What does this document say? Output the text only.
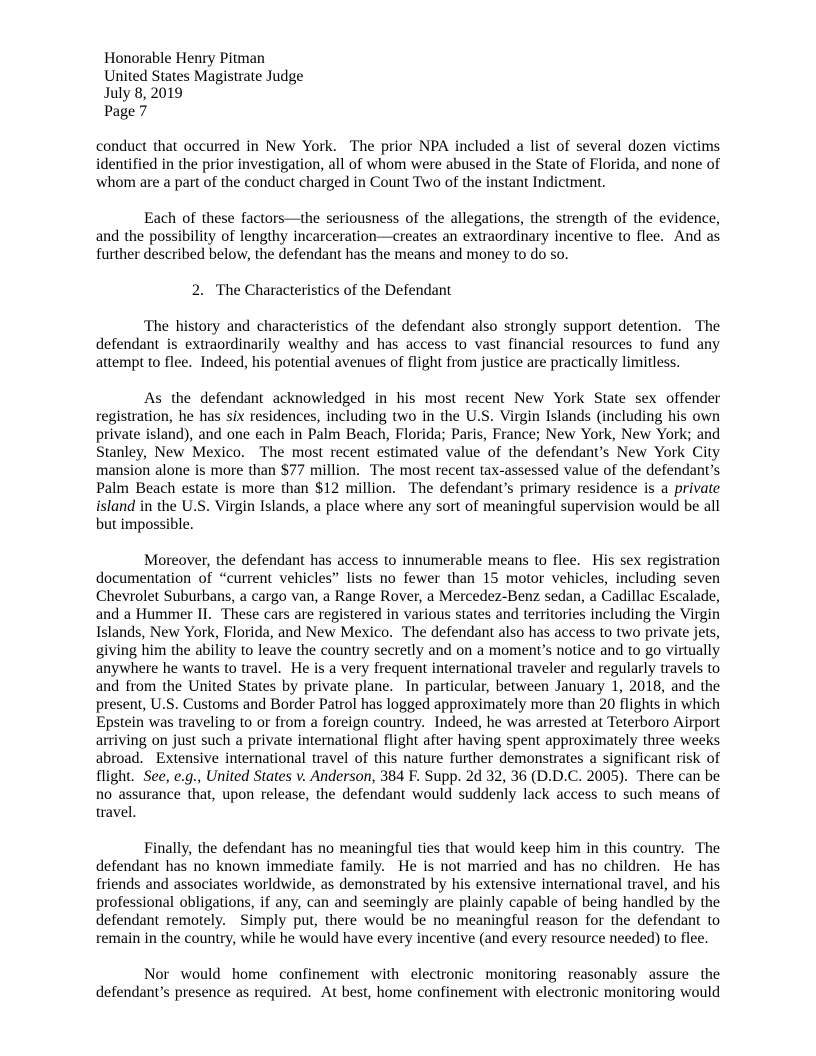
Honorable Henry Pitman
United States Magistrate Judge
July 8, 2019
Page 7

conduct that occurred in New York.  The prior NPA included a list of several dozen victims identified in the prior investigation, all of whom were abused in the State of Florida, and none of whom are a part of the conduct charged in Count Two of the instant Indictment.

Each of these factors—the seriousness of the allegations, the strength of the evidence, and the possibility of lengthy incarceration—creates an extraordinary incentive to flee.  And as further described below, the defendant has the means and money to do so.

2.   The Characteristics of the Defendant

The history and characteristics of the defendant also strongly support detention.  The defendant is extraordinarily wealthy and has access to vast financial resources to fund any attempt to flee.  Indeed, his potential avenues of flight from justice are practically limitless.

As the defendant acknowledged in his most recent New York State sex offender registration, he has six residences, including two in the U.S. Virgin Islands (including his own private island), and one each in Palm Beach, Florida; Paris, France; New York, New York; and Stanley, New Mexico.  The most recent estimated value of the defendant’s New York City mansion alone is more than $77 million.  The most recent tax-assessed value of the defendant’s Palm Beach estate is more than $12 million.  The defendant’s primary residence is a private island in the U.S. Virgin Islands, a place where any sort of meaningful supervision would be all but impossible.

Moreover, the defendant has access to innumerable means to flee.  His sex registration documentation of “current vehicles” lists no fewer than 15 motor vehicles, including seven Chevrolet Suburbans, a cargo van, a Range Rover, a Mercedez-Benz sedan, a Cadillac Escalade, and a Hummer II.  These cars are registered in various states and territories including the Virgin Islands, New York, Florida, and New Mexico.  The defendant also has access to two private jets, giving him the ability to leave the country secretly and on a moment’s notice and to go virtually anywhere he wants to travel.  He is a very frequent international traveler and regularly travels to and from the United States by private plane.  In particular, between January 1, 2018, and the present, U.S. Customs and Border Patrol has logged approximately more than 20 flights in which Epstein was traveling to or from a foreign country.  Indeed, he was arrested at Teterboro Airport arriving on just such a private international flight after having spent approximately three weeks abroad.  Extensive international travel of this nature further demonstrates a significant risk of flight.  See, e.g., United States v. Anderson, 384 F. Supp. 2d 32, 36 (D.D.C. 2005).  There can be no assurance that, upon release, the defendant would suddenly lack access to such means of travel.

Finally, the defendant has no meaningful ties that would keep him in this country.  The defendant has no known immediate family.  He is not married and has no children.  He has friends and associates worldwide, as demonstrated by his extensive international travel, and his professional obligations, if any, can and seemingly are plainly capable of being handled by the defendant remotely.  Simply put, there would be no meaningful reason for the defendant to remain in the country, while he would have every incentive (and every resource needed) to flee.

Nor would home confinement with electronic monitoring reasonably assure the defendant’s presence as required.  At best, home confinement with electronic monitoring would
